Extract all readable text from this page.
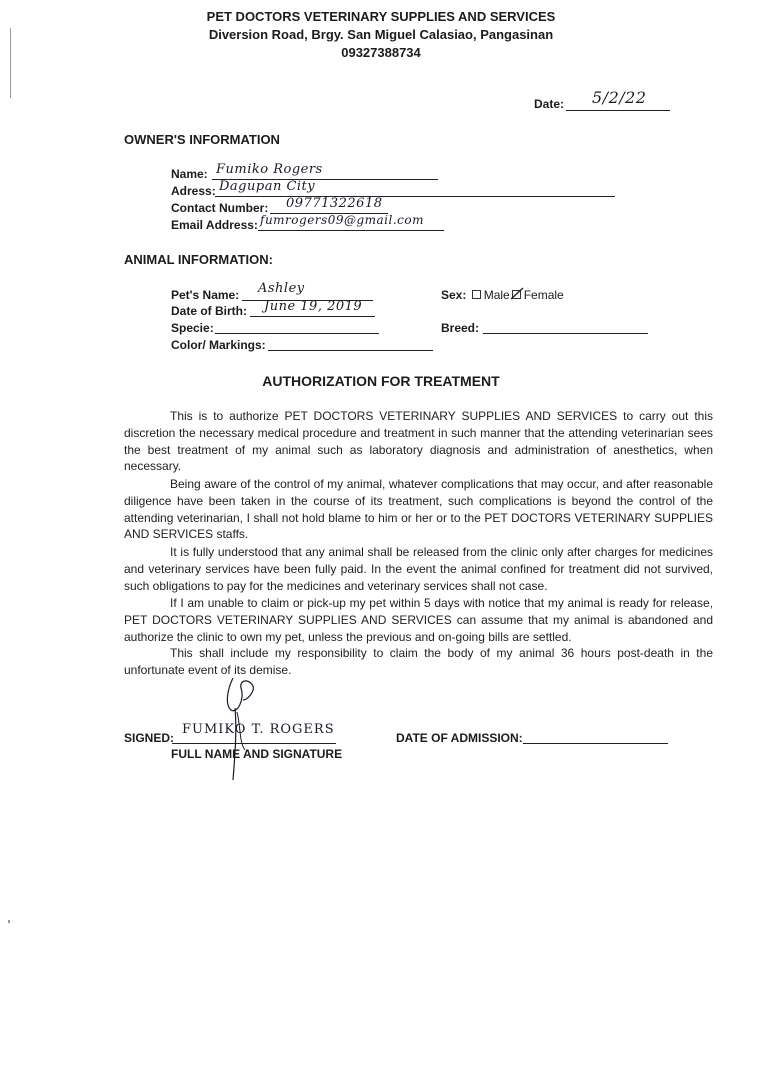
PET DOCTORS VETERINARY SUPPLIES AND SERVICES
Diversion Road, Brgy. San Miguel Calasiao, Pangasinan
09327388734
Date: 5/2/22
OWNER'S INFORMATION
Name: Fumiko Rogers
Adress: Dagupan City
Contact Number: 09771322618
Email Address: fumrogers09@gmail.com
ANIMAL INFORMATION:
Pet's Name: Ashley
Date of Birth: June 19, 2019
Specie:
Color/ Markings:
Sex: Male Female
Breed:
AUTHORIZATION FOR TREATMENT
This is to authorize PET DOCTORS VETERINARY SUPPLIES AND SERVICES to carry out this discretion the necessary medical procedure and treatment in such manner that the attending veterinarian sees the best treatment of my animal such as laboratory diagnosis and administration of anesthetics, when necessary.
Being aware of the control of my animal, whatever complications that may occur, and after reasonable diligence have been taken in the course of its treatment, such complications is beyond the control of the attending veterinarian, I shall not hold blame to him or her or to the PET DOCTORS VETERINARY SUPPLIES AND SERVICES staffs.
It is fully understood that any animal shall be released from the clinic only after charges for medicines and veterinary services have been fully paid. In the event the animal confined for treatment did not survived, such obligations to pay for the medicines and veterinary services shall not case.
If I am unable to claim or pick-up my pet within 5 days with notice that my animal is ready for release, PET DOCTORS VETERINARY SUPPLIES AND SERVICES can assume that my animal is abandoned and authorize the clinic to own my pet, unless the previous and on-going bills are settled.
This shall include my responsibility to claim the body of my animal 36 hours post-death in the unfortunate event of its demise.
SIGNED:
FUMIKO T. ROGERS
FULL NAME AND SIGNATURE
DATE OF ADMISSION:
